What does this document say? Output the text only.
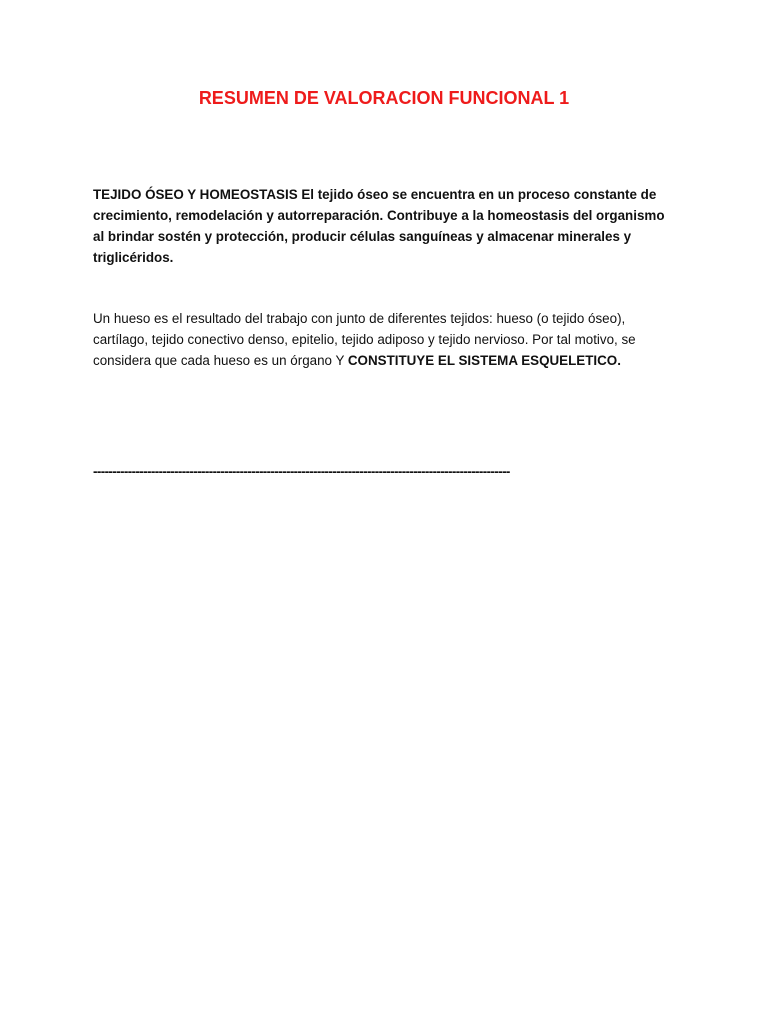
RESUMEN DE VALORACION FUNCIONAL 1

TEJIDO ÓSEO Y HOMEOSTASIS El tejido óseo se encuentra en un proceso constante de crecimiento, remodelación y autorreparación. Contribuye a la homeostasis del organismo al brindar sostén y protección, producir células sanguíneas y almacenar minerales y triglicéridos.

Un hueso es el resultado del trabajo con junto de diferentes tejidos: hueso (o tejido óseo), cartílago, tejido conectivo denso, epitelio, tejido adiposo y tejido nervioso. Por tal motivo, se considera que cada hueso es un órgano Y CONSTITUYE EL SISTEMA ESQUELETICO.

------------------------------------------------------------------------------------------------------------
